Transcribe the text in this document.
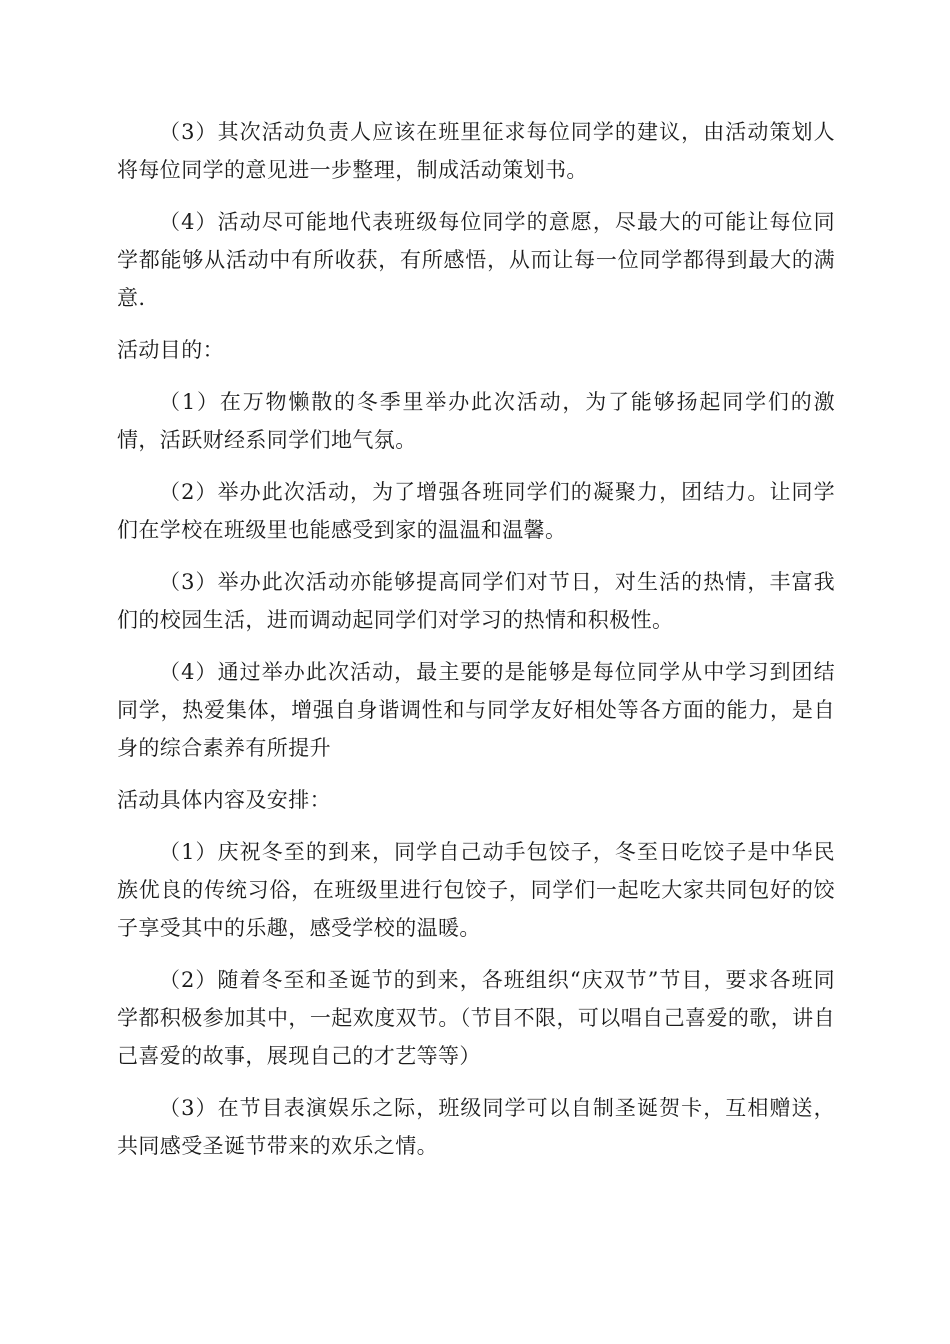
（3）其次活动负责人应该在班里征求每位同学的建议，由活动策划人将每位同学的意见进一步整理，制成活动策划书。

（4）活动尽可能地代表班级每位同学的意愿，尽最大的可能让每位同学都能够从活动中有所收获，有所感悟，从而让每一位同学都得到最大的满意.

活动目的：

（1）在万物懒散的冬季里举办此次活动，为了能够扬起同学们的激情，活跃财经系同学们地气氛。

（2）举办此次活动，为了增强各班同学们的凝聚力，团结力。让同学们在学校在班级里也能感受到家的温温和温馨。

（3）举办此次活动亦能够提高同学们对节日，对生活的热情，丰富我们的校园生活，进而调动起同学们对学习的热情和积极性。

（4）通过举办此次活动，最主要的是能够是每位同学从中学习到团结同学，热爱集体，增强自身谐调性和与同学友好相处等各方面的能力，是自身的综合素养有所提升

活动具体内容及安排：

（1）庆祝冬至的到来，同学自己动手包饺子，冬至日吃饺子是中华民族优良的传统习俗，在班级里进行包饺子，同学们一起吃大家共同包好的饺子享受其中的乐趣，感受学校的温暖。

（2）随着冬至和圣诞节的到来，各班组织“庆双节”节目，要求各班同学都积极参加其中，一起欢度双节。（节目不限，可以唱自己喜爱的歌，讲自己喜爱的故事，展现自己的才艺等等）

（3）在节目表演娱乐之际，班级同学可以自制圣诞贺卡，互相赠送，共同感受圣诞节带来的欢乐之情。
